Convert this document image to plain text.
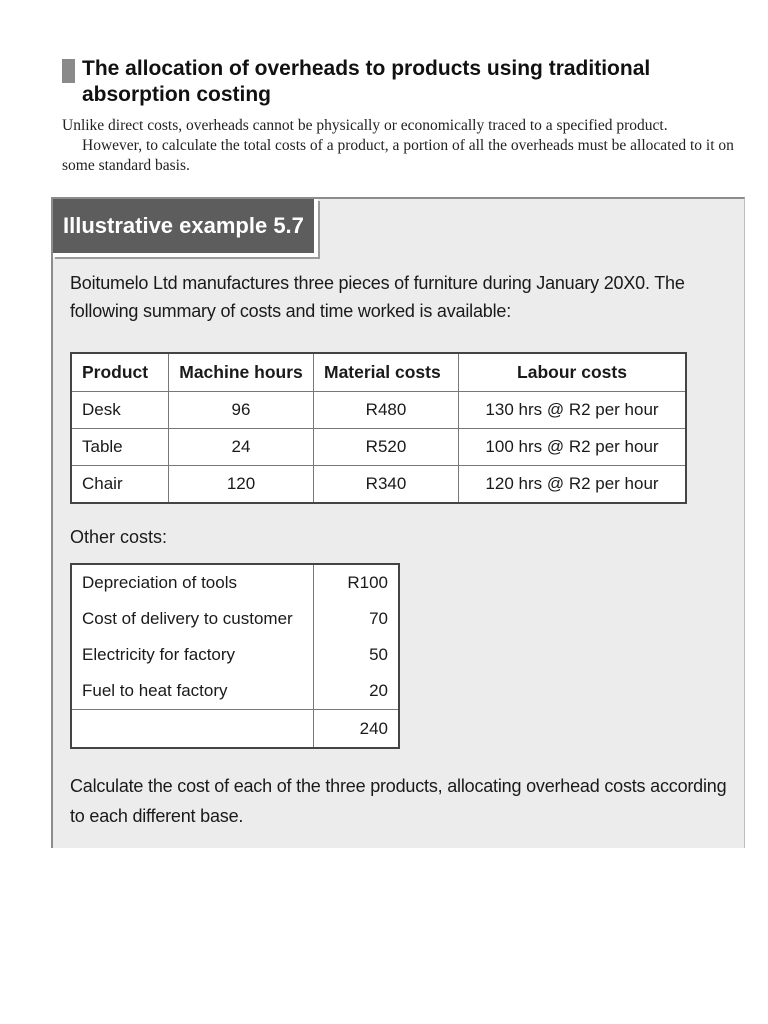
The allocation of overheads to products using traditional absorption costing

Unlike direct costs, overheads cannot be physically or economically traced to a specified product.

However, to calculate the total costs of a product, a portion of all the overheads must be allocated to it on some standard basis.

Illustrative example 5.7
Boitumelo Ltd manufactures three pieces of furniture during January 20X0. The following summary of costs and time worked is available:
Product	Machine hours	Material costs	Labour costs
Desk	96	R480	130 hrs @ R2 per hour
Table	24	R520	100 hrs @ R2 per hour
Chair	120	R340	120 hrs @ R2 per hour
Other costs:
Depreciation of tools	R100
Cost of delivery to customer	70
Electricity for factory	50
Fuel to heat factory	20
	240
Calculate the cost of each of the three products, allocating overhead costs according to each different base.
